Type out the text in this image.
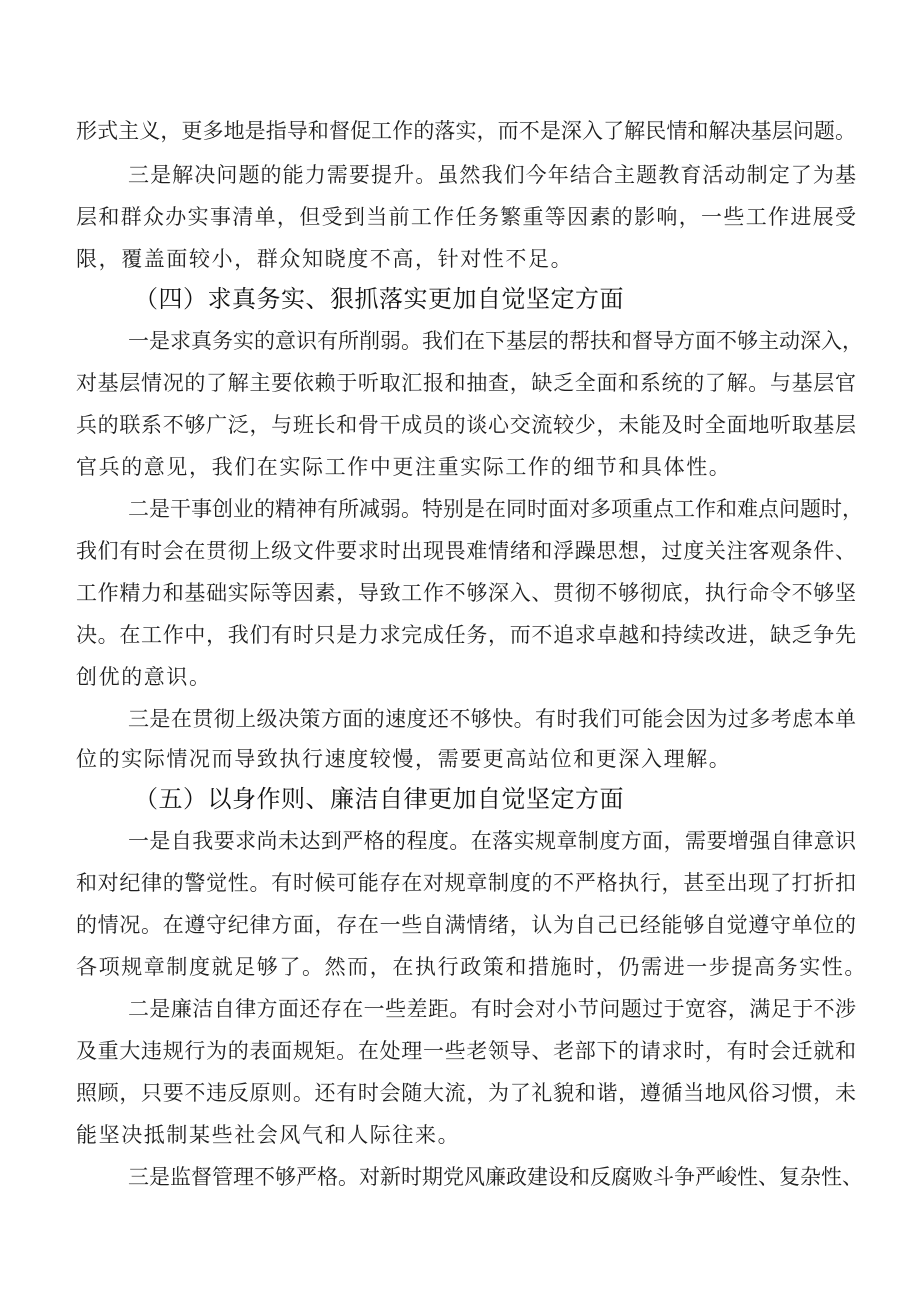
形式主义，更多地是指导和督促工作的落实，而不是深入了解民情和解决基层问题。
三是解决问题的能力需要提升。虽然我们今年结合主题教育活动制定了为基
层和群众办实事清单，但受到当前工作任务繁重等因素的影响，一些工作进展受
限，覆盖面较小，群众知晓度不高，针对性不足。
（四）求真务实、狠抓落实更加自觉坚定方面
一是求真务实的意识有所削弱。我们在下基层的帮扶和督导方面不够主动深入，
对基层情况的了解主要依赖于听取汇报和抽查，缺乏全面和系统的了解。与基层官
兵的联系不够广泛，与班长和骨干成员的谈心交流较少，未能及时全面地听取基层
官兵的意见，我们在实际工作中更注重实际工作的细节和具体性。
二是干事创业的精神有所减弱。特别是在同时面对多项重点工作和难点问题时，
我们有时会在贯彻上级文件要求时出现畏难情绪和浮躁思想，过度关注客观条件、
工作精力和基础实际等因素，导致工作不够深入、贯彻不够彻底，执行命令不够坚
决。在工作中，我们有时只是力求完成任务，而不追求卓越和持续改进，缺乏争先
创优的意识。
三是在贯彻上级决策方面的速度还不够快。有时我们可能会因为过多考虑本单
位的实际情况而导致执行速度较慢，需要更高站位和更深入理解。
（五）以身作则、廉洁自律更加自觉坚定方面
一是自我要求尚未达到严格的程度。在落实规章制度方面，需要增强自律意识
和对纪律的警觉性。有时候可能存在对规章制度的不严格执行，甚至出现了打折扣
的情况。在遵守纪律方面，存在一些自满情绪，认为自己已经能够自觉遵守单位的
各项规章制度就足够了。然而，在执行政策和措施时，仍需进一步提高务实性。
二是廉洁自律方面还存在一些差距。有时会对小节问题过于宽容，满足于不涉
及重大违规行为的表面规矩。在处理一些老领导、老部下的请求时，有时会迁就和
照顾，只要不违反原则。还有时会随大流，为了礼貌和谐，遵循当地风俗习惯，未
能坚决抵制某些社会风气和人际往来。
三是监督管理不够严格。对新时期党风廉政建设和反腐败斗争严峻性、复杂性、
